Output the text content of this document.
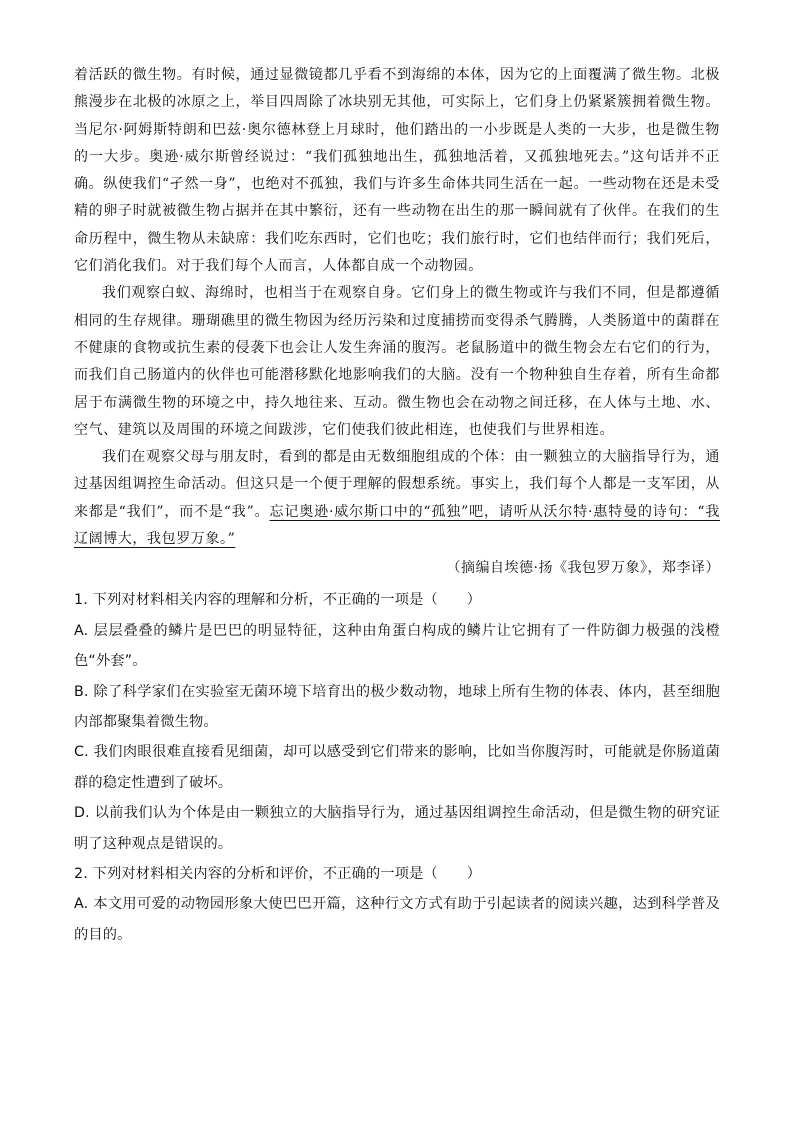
着活跃的微生物。有时候，通过显微镜都几乎看不到海绵的本体，因为它的上面覆满了微生物。北极熊漫步在北极的冰原之上，举目四周除了冰块别无其他，可实际上，它们身上仍紧紧簇拥着微生物。当尼尔·阿姆斯特朗和巴兹·奥尔德林登上月球时，他们踏出的一小步既是人类的一大步，也是微生物的一大步。奥逊·威尔斯曾经说过：“我们孤独地出生，孤独地活着，又孤独地死去。”这句话并不正确。纵使我们“孑然一身”，也绝对不孤独，我们与许多生命体共同生活在一起。一些动物在还是未受精的卵子时就被微生物占据并在其中繁衍，还有一些动物在出生的那一瞬间就有了伙伴。在我们的生命历程中，微生物从未缺席：我们吃东西时，它们也吃；我们旅行时，它们也结伴而行；我们死后，它们消化我们。对于我们每个人而言，人体都自成一个动物园。

我们观察白蚁、海绵时，也相当于在观察自身。它们身上的微生物或许与我们不同，但是都遵循相同的生存规律。珊瑚礁里的微生物因为经历污染和过度捕捞而变得杀气腾腾，人类肠道中的菌群在不健康的食物或抗生素的侵袭下也会让人发生奔涌的腹泻。老鼠肠道中的微生物会左右它们的行为，而我们自己肠道内的伙伴也可能潜移默化地影响我们的大脑。没有一个物种独自生存着，所有生命都居于布满微生物的环境之中，持久地往来、互动。微生物也会在动物之间迁移，在人体与土地、水、空气、建筑以及周围的环境之间跋涉，它们使我们彼此相连，也使我们与世界相连。

我们在观察父母与朋友时，看到的都是由无数细胞组成的个体：由一颗独立的大脑指导行为，通过基因组调控生命活动。但这只是一个便于理解的假想系统。事实上，我们每个人都是一支军团，从来都是“我们”，而不是“我”。忘记奥逊·威尔斯口中的“孤独”吧，请听从沃尔特·惠特曼的诗句：“我辽阔博大，我包罗万象。”

（摘编自埃德·扬《我包罗万象》，郑李译）

1. 下列对材料相关内容的理解和分析，不正确的一项是（　　）

A. 层层叠叠的鳞片是巴巴的明显特征，这种由角蛋白构成的鳞片让它拥有了一件防御力极强的浅橙色“外套”。

B. 除了科学家们在实验室无菌环境下培育出的极少数动物，地球上所有生物的体表、体内，甚至细胞内部都聚集着微生物。

C. 我们肉眼很难直接看见细菌，却可以感受到它们带来的影响，比如当你腹泻时，可能就是你肠道菌群的稳定性遭到了破坏。

D. 以前我们认为个体是由一颗独立的大脑指导行为，通过基因组调控生命活动，但是微生物的研究证明了这种观点是错误的。

2. 下列对材料相关内容的分析和评价，不正确的一项是（　　）

A. 本文用可爱的动物园形象大使巴巴开篇，这种行文方式有助于引起读者的阅读兴趣，达到科学普及的目的。
